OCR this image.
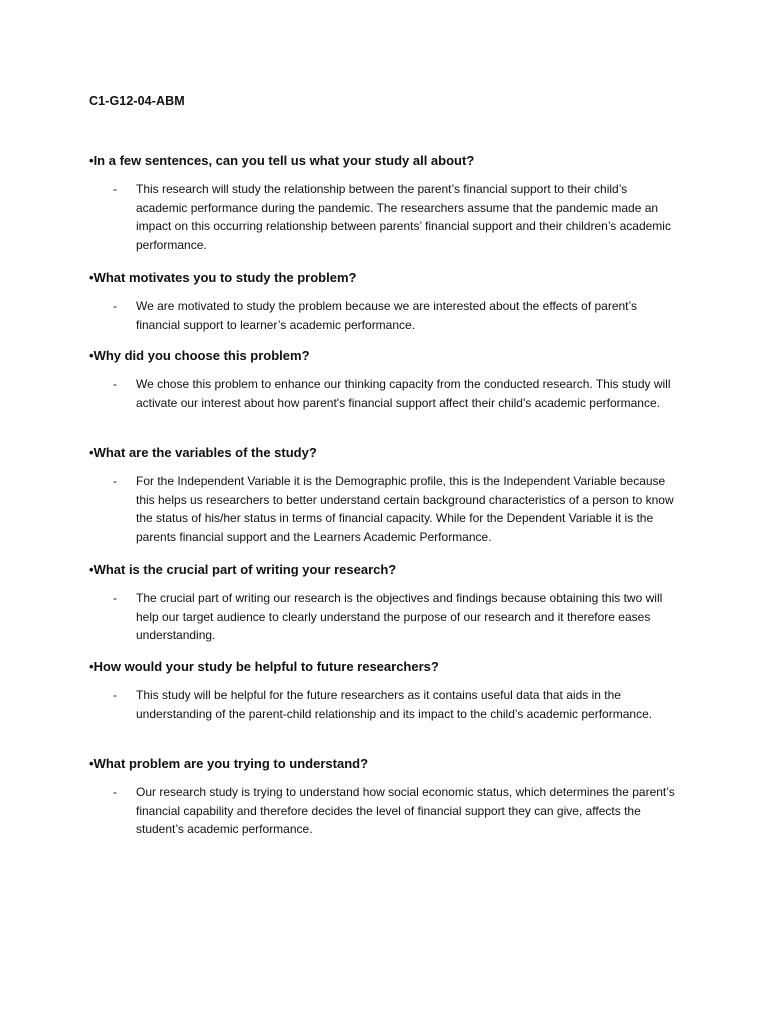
C1-G12-04-ABM
•In a few sentences, can you tell us what your study all about?
- This research will study the relationship between the parent’s financial support to their child’s academic performance during the pandemic. The researchers assume that the pandemic made an impact on this occurring relationship between parents’ financial support and their children’s academic performance.
•What motivates you to study the problem?
- We are motivated to study the problem because we are interested about the effects of parent’s financial support to learner’s academic performance.
•Why did you choose this problem?
- We chose this problem to enhance our thinking capacity from the conducted research. This study will activate our interest about how parent's financial support affect their child's academic performance.
•What are the variables of the study?
- For the Independent Variable it is the Demographic profile, this is the Independent Variable because this helps us researchers to better understand certain background characteristics of a person to know the status of his/her status in terms of financial capacity. While for the Dependent Variable it is the parents financial support and the Learners Academic Performance.
•What is the crucial part of writing your research?
- The crucial part of writing our research is the objectives and findings because obtaining this two will help our target audience to clearly understand the purpose of our research and it therefore eases understanding.
•How would your study be helpful to future researchers?
- This study will be helpful for the future researchers as it contains useful data that aids in the understanding of the parent-child relationship and its impact to the child’s academic performance.
•What problem are you trying to understand?
- Our research study is trying to understand how social economic status, which determines the parent’s financial capability and therefore decides the level of financial support they can give, affects the student’s academic performance.
